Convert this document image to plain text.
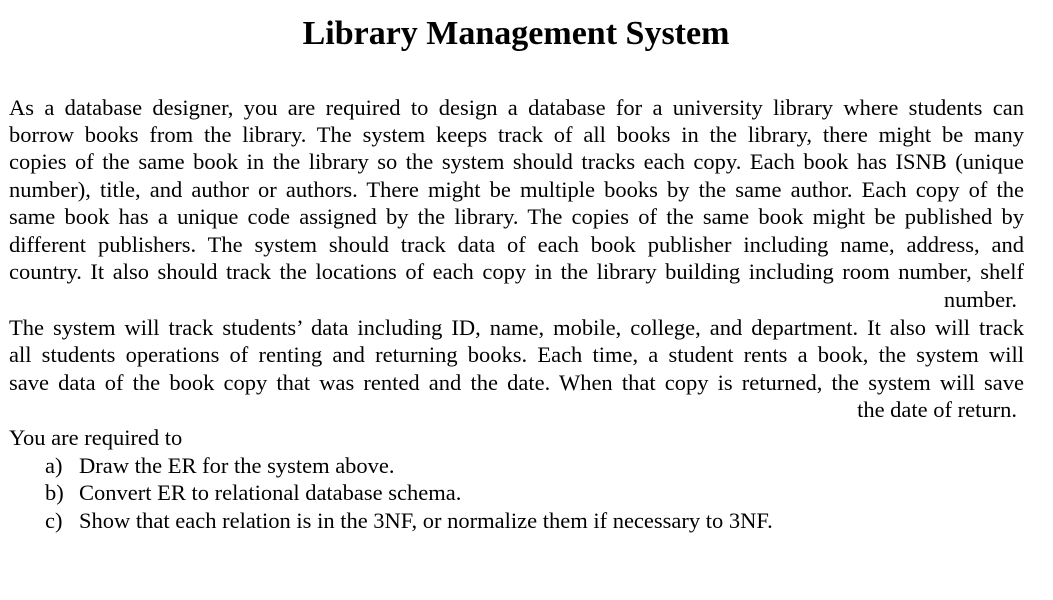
Library Management System

As a database designer, you are required to design a database for a university library where students can

borrow books from the library. The system keeps track of all books in the library, there might be many

copies of the same book in the library so the system should tracks each copy. Each book has ISNB (unique

number), title, and author or authors. There might be multiple books by the same author. Each copy of the

same book has a unique code assigned by the library. The copies of the same book might be published by

different publishers. The system should track data of each book publisher including name, address, and

country. It also should track the locations of each copy in the library building including room number, shelf

number.

The system will track students’ data including ID, name, mobile, college, and department. It also will track

all students operations of renting and returning books. Each time, a student rents a book, the system will

save data of the book copy that was rented and the date. When that copy is returned, the system will save

the date of return.

You are required to

a) Draw the ER for the system above.

b) Convert ER to relational database schema.

c) Show that each relation is in the 3NF, or normalize them if necessary to 3NF.
